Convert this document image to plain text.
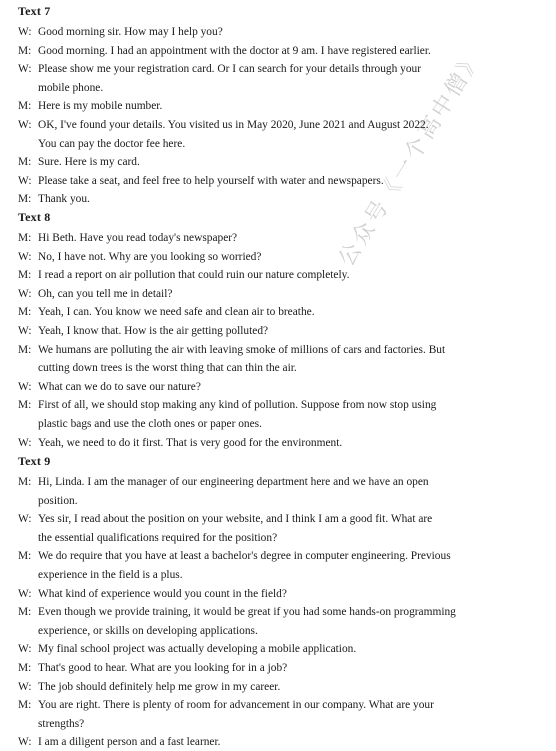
Text 7
W: Good morning sir. How may I help you?
M: Good morning. I had an appointment with the doctor at 9 am. I have registered earlier.
W: Please show me your registration card. Or I can search for your details through your
mobile phone.
M: Here is my mobile number.
W: OK, I've found your details. You visited us in May 2020, June 2021 and August 2022.
You can pay the doctor fee here.
M: Sure. Here is my card.
W: Please take a seat, and feel free to help yourself with water and newspapers.
M: Thank you.
Text 8
M: Hi Beth. Have you read today's newspaper?
W: No, I have not. Why are you looking so worried?
M: I read a report on air pollution that could ruin our nature completely.
W: Oh, can you tell me in detail?
M: Yeah, I can. You know we need safe and clean air to breathe.
W: Yeah, I know that. How is the air getting polluted?
M: We humans are polluting the air with leaving smoke of millions of cars and factories. But
cutting down trees is the worst thing that can thin the air.
W: What can we do to save our nature?
M: First of all, we should stop making any kind of pollution. Suppose from now stop using
plastic bags and use the cloth ones or paper ones.
W: Yeah, we need to do it first. That is very good for the environment.
Text 9
M: Hi, Linda. I am the manager of our engineering department here and we have an open
position.
W: Yes sir, I read about the position on your website, and I think I am a good fit. What are
the essential qualifications required for the position?
M: We do require that you have at least a bachelor's degree in computer engineering. Previous
experience in the field is a plus.
W: What kind of experience would you count in the field?
M: Even though we provide training, it would be great if you had some hands-on programming
experience, or skills on developing applications.
W: My final school project was actually developing a mobile application.
M: That's good to hear. What are you looking for in a job?
W: The job should definitely help me grow in my career.
M: You are right. There is plenty of room for advancement in our company. What are your
strengths?
W: I am a diligent person and a fast learner.
公众号《一个高中僧》
